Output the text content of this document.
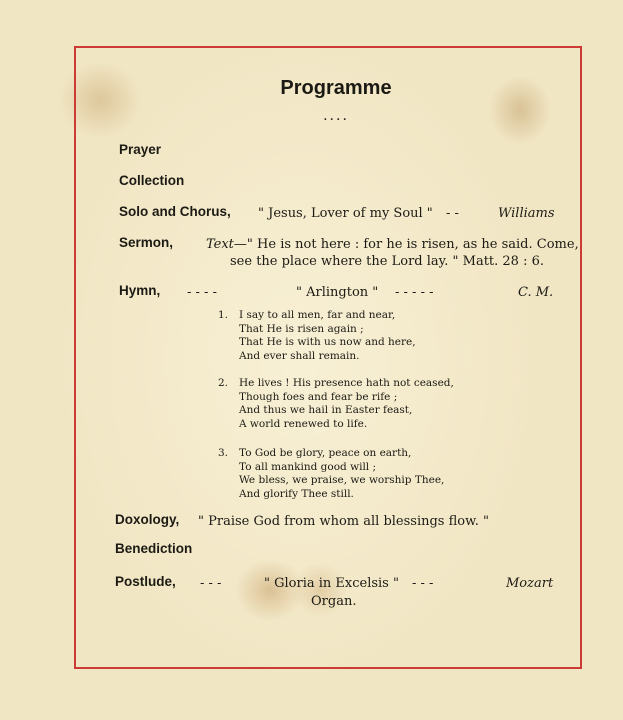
Programme
....
Prayer
Collection
Solo and Chorus, " Jesus, Lover of my Soul " - -	Williams
Sermon,	Text—" He is not here : for he is risen, as he said. Come,
see the place where the Lord lay. " Matt. 28 : 6.
Hymn, - - - -	" Arlington " - - - - -	C. M.
1. I say to all men, far and near,
That He is risen again ;
That He is with us now and here,
And ever shall remain.
2. He lives ! His presence hath not ceased,
Though foes and fear be rife ;
And thus we hail in Easter feast,
A world renewed to life.
3. To God be glory, peace on earth,
To all mankind good will ;
We bless, we praise, we worship Thee,
And glorify Thee still.
Doxology, " Praise God from whom all blessings flow. "
Benediction
Postlude, - - -	" Gloria in Excelsis " - - -	Mozart
Organ.
